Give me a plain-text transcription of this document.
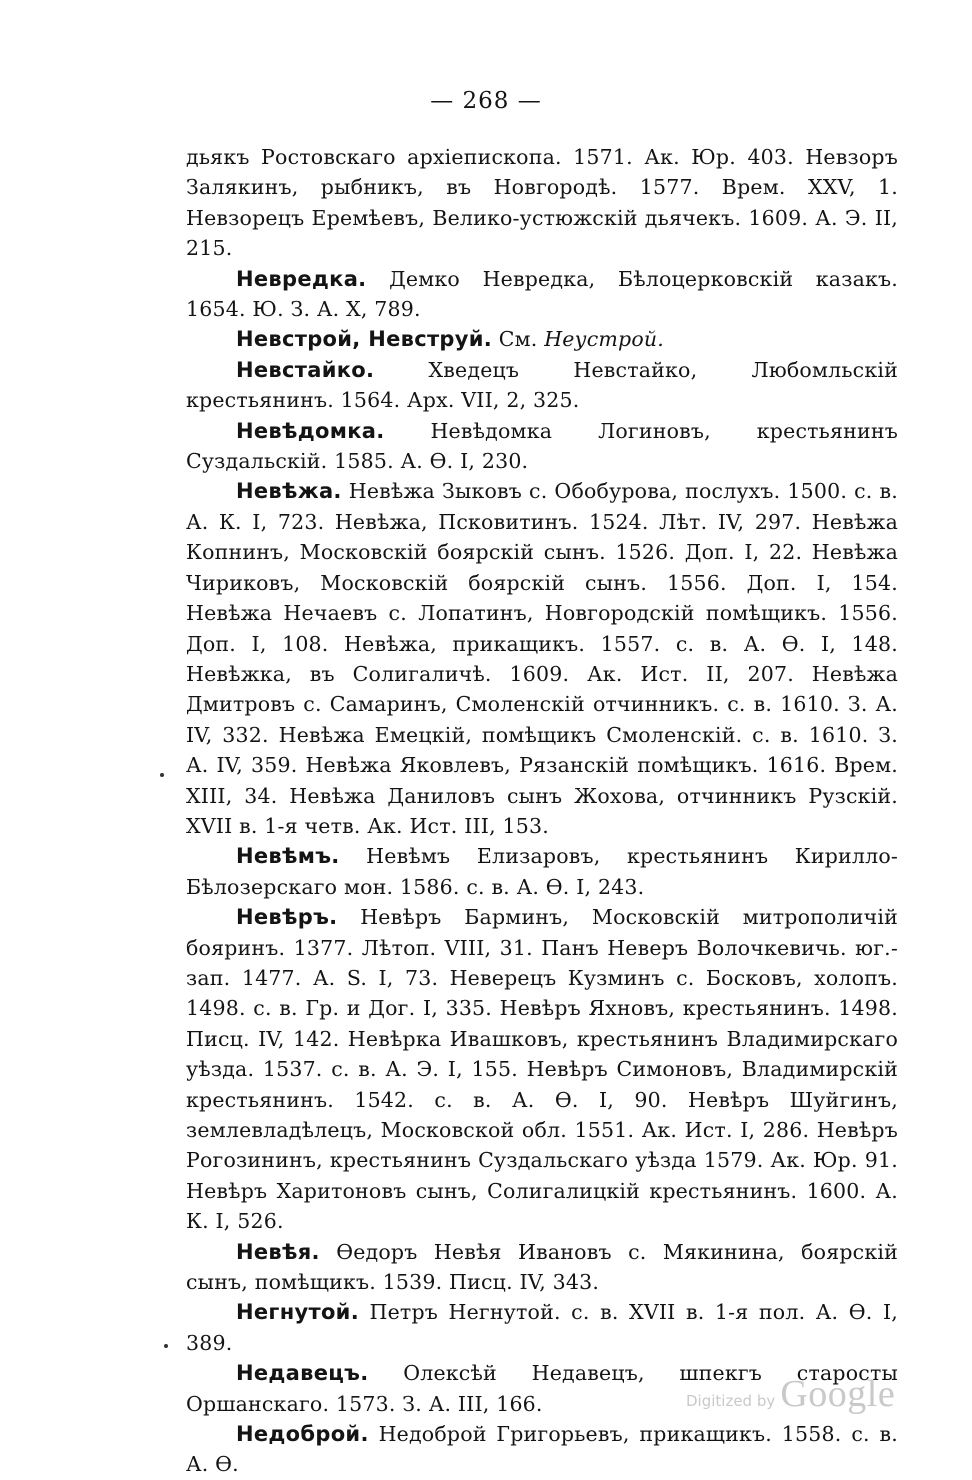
— 268 —

дьякъ Ростовскаго архіепископа. 1571. Ак. Юр. 403. Невзоръ Залякинъ, рыбникъ, въ Новгородѣ. 1577. Врем. XXV, 1. Невзорецъ Еремѣевъ, Велико-устюжскій дьячекъ. 1609. А. Э. II, 215.

Невредка. Демко Невредка, Бѣлоцерковскій казакъ. 1654. Ю. З. А. X, 789.

Невстрой, Невструй. См. Неустрой.

Невстайко.	Хведецъ Невстайко, Любомльскій крестьянинъ. 1564. Арх. VII, 2, 325.

Невѣдомка. Невѣдомка Логиновъ, крестьянинъ Суздальскій. 1585. А. Ѳ. I, 230.

Невѣжа. Невѣжа Зыковъ с. Обобурова, послухъ. 1500. с. в. А. К. I, 723. Невѣжа, Псковитинъ. 1524. Лѣт. IV, 297. Невѣжа Копнинъ, Московскій боярскій сынъ. 1526. Доп. I, 22. Невѣжа Чириковъ, Московскій боярскій сынъ. 1556. Доп. I, 154. Невѣжа Нечаевъ с. Лопатинъ, Новгородскій помѣщикъ. 1556. Доп. I, 108. Невѣжа, прикащикъ. 1557. с. в. А. Ѳ. I, 148. Невѣжка, въ Солигаличѣ. 1609. Ак. Ист. II, 207. Невѣжа Дмитровъ с. Самаринъ, Смоленскій отчинникъ. с. в. 1610. З. А. IV, 332. Невѣжа Емецкій, помѣщикъ Смоленскій. с. в. 1610. З. А. IV, 359. Невѣжа Яковлевъ, Рязанскій помѣщикъ. 1616. Врем. XIII, 34. Невѣжа Даниловъ сынъ Жохова, отчинникъ Рузскій. XVII в. 1-я четв. Ак. Ист. III, 153.

Невѣмъ. Невѣмъ Елизаровъ, крестьянинъ Кирилло-Бѣлозерскаго мон. 1586. с. в. А. Ѳ. I, 243.

Невѣръ. Невѣръ Барминъ, Московскій митрополичій бояринъ. 1377. Лѣтоп. VIII, 31. Панъ Неверъ Волочкевичь. юг.-зап. 1477. А. S. I, 73. Неверецъ Кузминъ с. Босковъ, холопъ. 1498. с. в. Гр. и Дог. I, 335. Невѣръ Яхновъ, крестьянинъ. 1498. Писц. IV, 142. Невѣрка Ивашковъ, крестьянинъ Владимирскаго уѣзда. 1537. с. в. А. Э. I, 155. Невѣръ Симоновъ, Владимирскій крестьянинъ. 1542. с. в. А. Ѳ. I, 90. Невѣръ Шуйгинъ, землевладѣлецъ, Московской обл. 1551. Ак. Ист. I, 286. Невѣръ Рогозининъ, крестьянинъ Суздальскаго уѣзда 1579. Ак. Юр. 91. Невѣръ Харитоновъ сынъ, Солигалицкій крестьянинъ. 1600. А. К. I, 526.

Невѣя. Ѳедоръ Невѣя Ивановъ с. Мякинина, боярскій сынъ, помѣщикъ. 1539. Писц. IV, 343.

Негнутой. Петръ Негнутой. с. в. XVII в. 1-я пол. А. Ѳ. I, 389.

Недавецъ. Олексѣй Недавецъ, шпекгъ старосты Оршанскаго. 1573. З. А. III, 166.

Недоброй. Недоброй Григорьевъ, прикащикъ. 1558. с. в. А. Ѳ.

Digitized by Google
